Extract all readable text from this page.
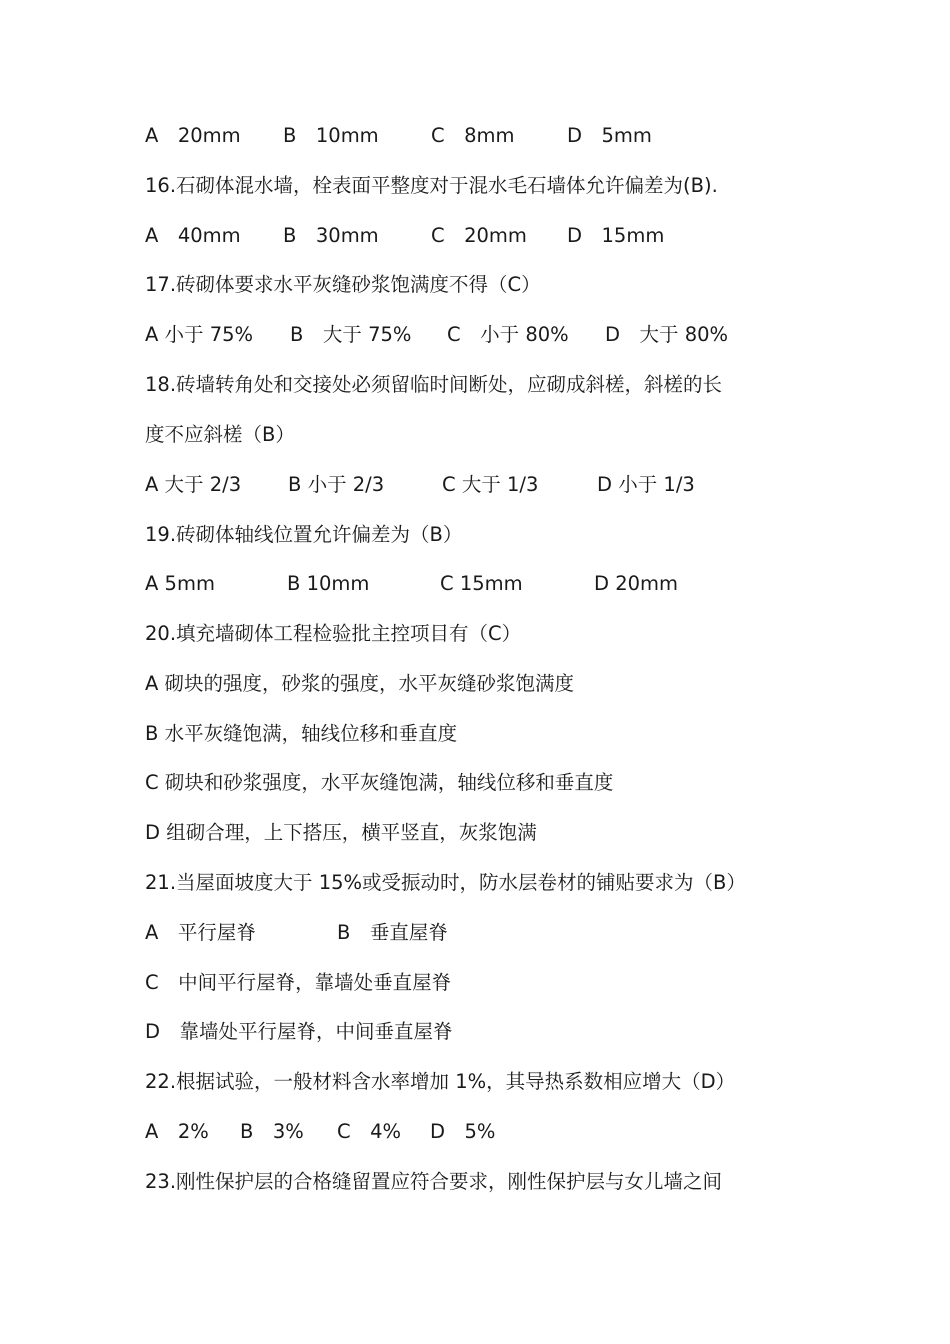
A　20mm B　10mm	C　8mm	D　5mm
16.石砌体混水墙，栓表面平整度对于混水毛石墙体允许偏差为(B).
A　40mm B　30mm	C　20mm D　15mm
17.砖砌体要求水平灰缝砂浆饱满度不得（C）
A 小于 75% B　大于 75% C　小于 80% D　大于 80%
18.砖墙转角处和交接处必须留临时间断处，应砌成斜槎，斜槎的长
度不应斜槎（B）
A 大于 2/3 B 小于 2/3	C 大于 1/3	D 小于 1/3
19.砖砌体轴线位置允许偏差为（B）
A 5mm	B 10mm	C 15mm	D 20mm
20.填充墙砌体工程检验批主控项目有（C）
A 砌块的强度，砂浆的强度，水平灰缝砂浆饱满度
B 水平灰缝饱满，轴线位移和垂直度
C 砌块和砂浆强度，水平灰缝饱满，轴线位移和垂直度
D 组砌合理，上下搭压，横平竖直，灰浆饱满
21.当屋面坡度大于 15%或受振动时，防水层卷材的铺贴要求为（B）
A　平行屋脊	B　垂直屋脊
C　中间平行屋脊，靠墙处垂直屋脊
D　靠墙处平行屋脊，中间垂直屋脊
22.根据试验，一般材料含水率增加 1%，其导热系数相应增大（D）
A　2% B　3% C　4% D　5%
23.刚性保护层的合格缝留置应符合要求，刚性保护层与女儿墙之间
